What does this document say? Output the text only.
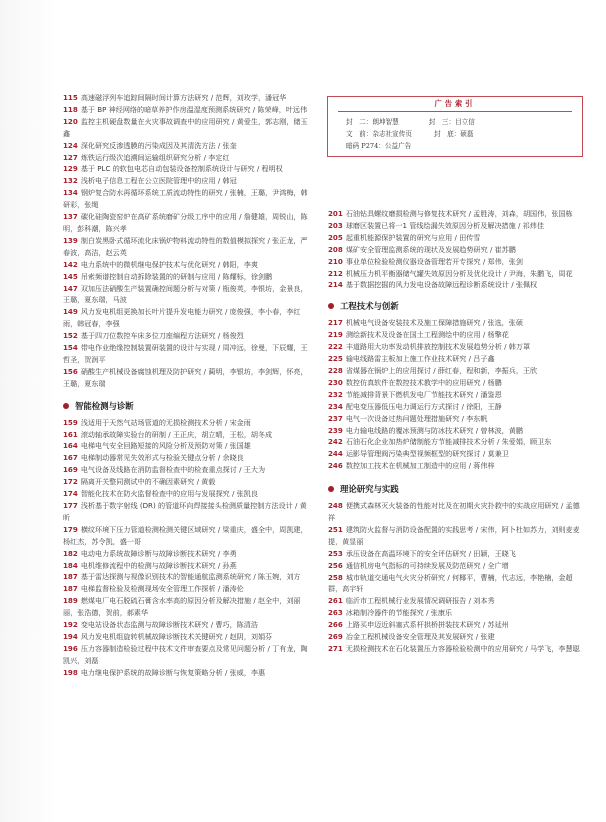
115 高速磁浮列车追踪间隔时间计算方法研究 / 范辉，刘玫学，潘冠华
118 基于 BP 神经网络的暗草养护作房温湿度预测系统研究 / 陈荣峰，叶远伟
120 监控主机硬盘数量在火灾事故调查中的应用研究 / 黄爱生，郭志刚，储玉鑫
124 深化研究反渗透膜的污染成因及其清洗方法 / 张奎
127 炼铁运行级次追溯间运输组织研究分析 / 李定红
129 基于 PLC 的软包电芯自动包装设备控制系统设计与研究 / 程明权
132 浅析电子信息工程在公立医院管理中的应用 / 韩冠
134 钢炉复合防水再循环系统工质流动特性的研究 / 张楠，王璐，尹鸿梅，韩研彩，张绳
137 碳化硅陶瓷窑炉在高矿系统磨矿分级工序中的应用 / 詹健雄，周锐山，陈明，彭科潮，陈兴孝
139 制白炭黑卧式循环流化床锅炉物料流动特性的数值模拟探究 / 张正龙，严春波，高洁，赵云英
142 电力系统中的微机继电保护技术与优化研究 / 韩阳，李爽
145 吊索频谱控制自动拆除装置的的研制与应用 / 陈耀标，徐剑鹏
147 双加压法硝酸生产装置确控间题分析与对策 / 瓶俊英，李银坊，金景良，王璐，夏东瑞，马波
149 风力发电机组更换加长叶片提升发电能力研究 / 庞俊强，李小春，李红雨，韩冠春，李强
152 基于四刀位数控车床多位刀座编程方法研究 / 杨俊烈
154 带电作业绝缘控制装置研装置的设计与实现 / 周冲远，徐曼，下辰耀，王哲圣，贺润平
156 硝酸生产机械设备腐蚀机理及防护研究 / 蔺明，李银坊，李剑辉，怀亮，王璐，夏东瑞
智能检测与诊断
159 浅适用于天然气站场管道的无损检测技术分析 / 宋金雨
161 滚动轴承故障实验台的研制 / 王正庆，胡立晴，王松，胡冬成
164 电梯电气安全回路短接的风险分析及预防对策 / 张国雄
167 电梯制动器常见失效形式与检验关键点分析 / 余晓良
169 电气设备及线路在消防监督检查中的检查重点探讨 / 王大为
172 隔离开关整同测试中的不确因素研究 / 黄毅
174 智能化技术在防火监督检查中的应用与发展探究 / 张凯良
177 浅析基于数字射线 (DR) 的管道环向焊接接头检测质量控制方法设计 / 黄昕
179 横纹环境下压力管道检测检测关键区域研究 / 梁重庆，盛全中，周凯建，杨红杰，苏令凯，盛一哥
182 电动电力系统故障诊断与故障诊断技术研究 / 李勇
184 电机维修流程中的检测与故障诊断技术研究 / 孙燕
187 基于雷达探测与视像识别技术的智能通航监测系统研究 / 陈玉婉，刘方
187 电梯监督检验及检测现场安全管理工作探析 / 潘涛伦
189 燃煤电厂电石脱硫石膏含水率高的原因分析及解决措施 / 赵全中，刘丽丽，张浩德，贺前，郝素华
192 变电站设备状态监测与故障诊断技术研究 / 曹巧，陈清浩
194 风力发电机组旋转机械故障诊断技术关键研究 / 赵阴，刘娟芬
196 压力容器制造检验过程中技术文件审查要点及常见问题分析 / 丁有龙，陶凯兴，刘磊
198 电力继电保护系统的故障诊断与恢复策略分析 / 张威，李惠
广告索引
封　二：朗坤智慧	封　三：目立信
文　前：杂志社宣传页	封　底：硕磊
暗码 P274：公益广告
201 石油钻具螺纹磨损检测与修复技术研究 / 孟胜涛，刘森，胡国伟，张国栋
203 球磨区装置已将一1 管线绘漏失效原因分析及解决措施 / 祁炜佳
205 起重机能源保护装置的研究与应用 / 田传雪
208 煤矿安全管理监测系统的现状及发展趋势研究 / 崔苏鹏
210 事业单位检验检测仪器设备管理若开专探究 / 郑伟，张剑
212 机械压力机平衡器储气罐失效原因分析及优化设计 / 尹海，朱鹏飞，周花
214 基于数据挖掘的风力发电设备故障远程诊断系统设计 / 张佩权
工程技术与创新
217 机械电气设备安装技术及施工保障措施研究 / 张选，张硕
219 测绘新技术及设备在国土工程测绘中的应用 / 杨擎花
222 丰道路用大功率发动机排放控制技术发展趋势分析 / 韩万罩
225 输电线路雷主板加上施工作业技术研究 / 吕子鑫
228 省煤器在锅炉上的应用探讨 / 薛红春，程和新，李振兵，王欣
230 数控仿真软件在数控技术教学中的应用研究 / 杨鹏
232 节能减排背景下燃机发电厂节能技术研究 / 潘鉴恩
234 配电变压器低压电力调运行方式探讨 / 徐阳，王静
237 电气一次设备过热问题处理措施研究 / 李东帆
239 电力输电线路的覆冰预测与防冰技术研究 / 曾林波，黄鹏
242 石油石化企业加热炉储制能方节能减排技术分析 / 朱爱娟，顾卫东
244 运影导管理阀污染典型视频框型的研究探讨 / 莫兼卫
246 数控加工技术在机械加工制造中的应用 / 蒋伟梓
理论研究与实践
248 便携式森林灭火装备的性能对比及在初期火灾扑救中的实战应用研究 / 孟德祥
251 建筑防火监督与消防设备配置的实践思考 / 宋伟，阿卜杜如苏力，刘则麦麦提，黄显丽
253 承压设备在高温环境下的安全评估研究 / 田颖，王晓飞
256 通信机房电气指标的可持续发展及防范研究 / 全广增
258 城市轨道交通电气火灾分析研究 / 何椰平，曹楠，代志远，李艳楠，金超群，高宇轩
261 临沂市工程机械行业发展情况调研报告 / 刘本秀
263 冰箱制冷器件的节能探究 / 张康乐
266 上路买申迈近斜塞式系杆拱桥拼装技术研究 / 苏延州
269 冶金工程机械设备安全管理及其发展研究 / 张建
271 无损检测技术在石化装置压力容器检验检测中的应用研究 / 马学飞，李慧聪
